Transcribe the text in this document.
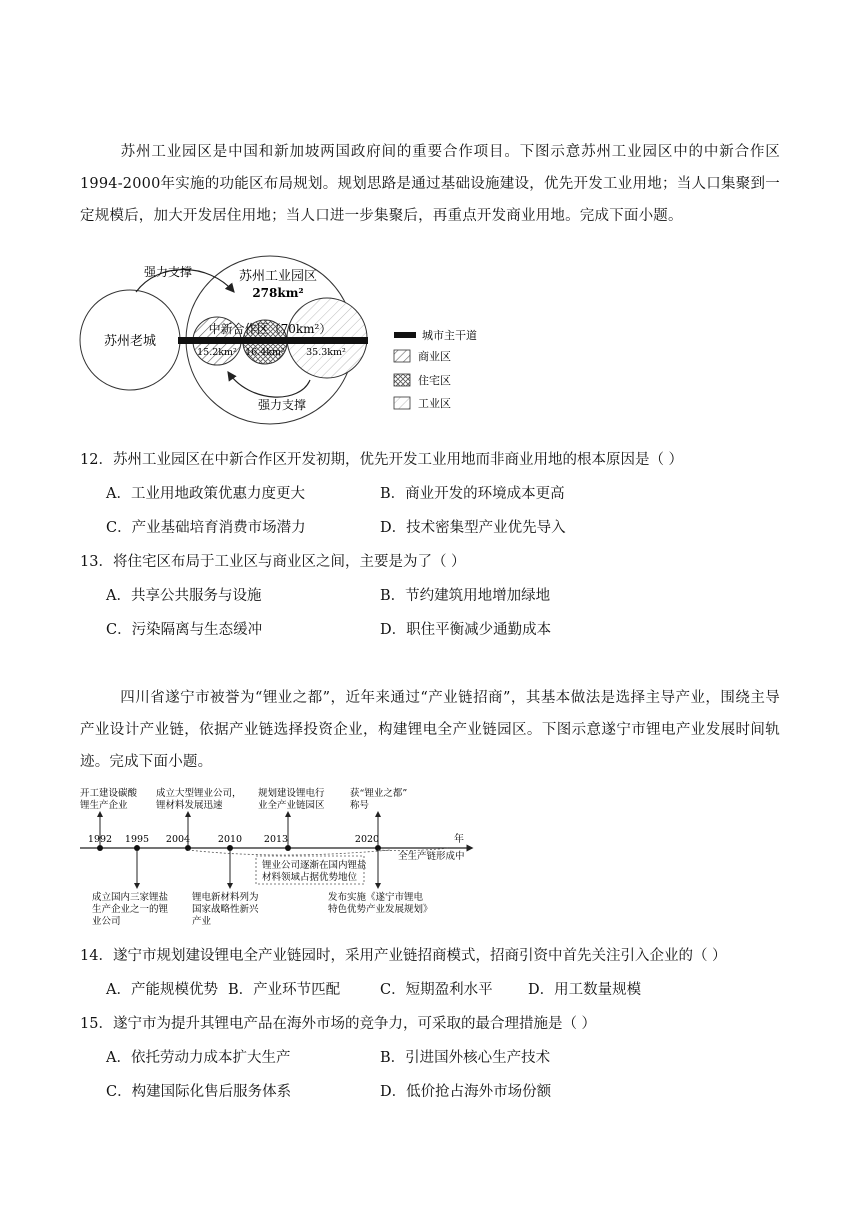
苏州工业园区是中国和新加坡两国政府间的重要合作项目。下图示意苏州工业园区中的中新合作区1994-2000年实施的功能区布局规划。规划思路是通过基础设施建设，优先开发工业用地；当人口集聚到一定规模后，加大开发居住用地；当人口进一步集聚后，再重点开发商业用地。完成下面小题。
苏州老城
苏州工业园区
278km²
中新合作区（70km²）
15.2km² 16.4km² 35.3km²
强力支撑
强力支撑
城市主干道
商业区
住宅区
工业区
12．苏州工业园区在中新合作区开发初期，优先开发工业用地而非商业用地的根本原因是（ ）
A．工业用地政策优惠力度更大	B．商业开发的环境成本更高
C．产业基础培育消费市场潜力	D．技术密集型产业优先导入
13．将住宅区布局于工业区与商业区之间，主要是为了（ ）
A．共享公共服务与设施	B．节约建筑用地增加绿地
C．污染隔离与生态缓冲	D．职住平衡减少通勤成本
四川省遂宁市被誉为“锂业之都”，近年来通过“产业链招商”，其基本做法是选择主导产业，围绕主导产业设计产业链，依据产业链选择投资企业，构建锂电全产业链园区。下图示意遂宁市锂电产业发展时间轨迹。完成下面小题。
年
1992 1995 2004	2010 2013	2020
全生产链形成中
锂业公司逐渐在国内锂盐
材料领域占据优势地位
开工建设碳酸
锂生产企业
成立大型锂业公司，
锂材料发展迅速
规划建设锂电行
业全产业链园区
获“锂业之都”
称号
成立国内三家锂盐
生产企业之一的锂
业公司
锂电新材料列为
国家战略性新兴
产业
发布实施《遂宁市锂电
特色优势产业发展规划》
14．遂宁市规划建设锂电全产业链园时，采用产业链招商模式，招商引资中首先关注引入企业的（ ）
A．产能规模优势 B．产业环节匹配	C．短期盈利水平 D．用工数量规模
15．遂宁市为提升其锂电产品在海外市场的竞争力，可采取的最合理措施是（ ）
A．依托劳动力成本扩大生产	B．引进国外核心生产技术
C．构建国际化售后服务体系	D．低价抢占海外市场份额
